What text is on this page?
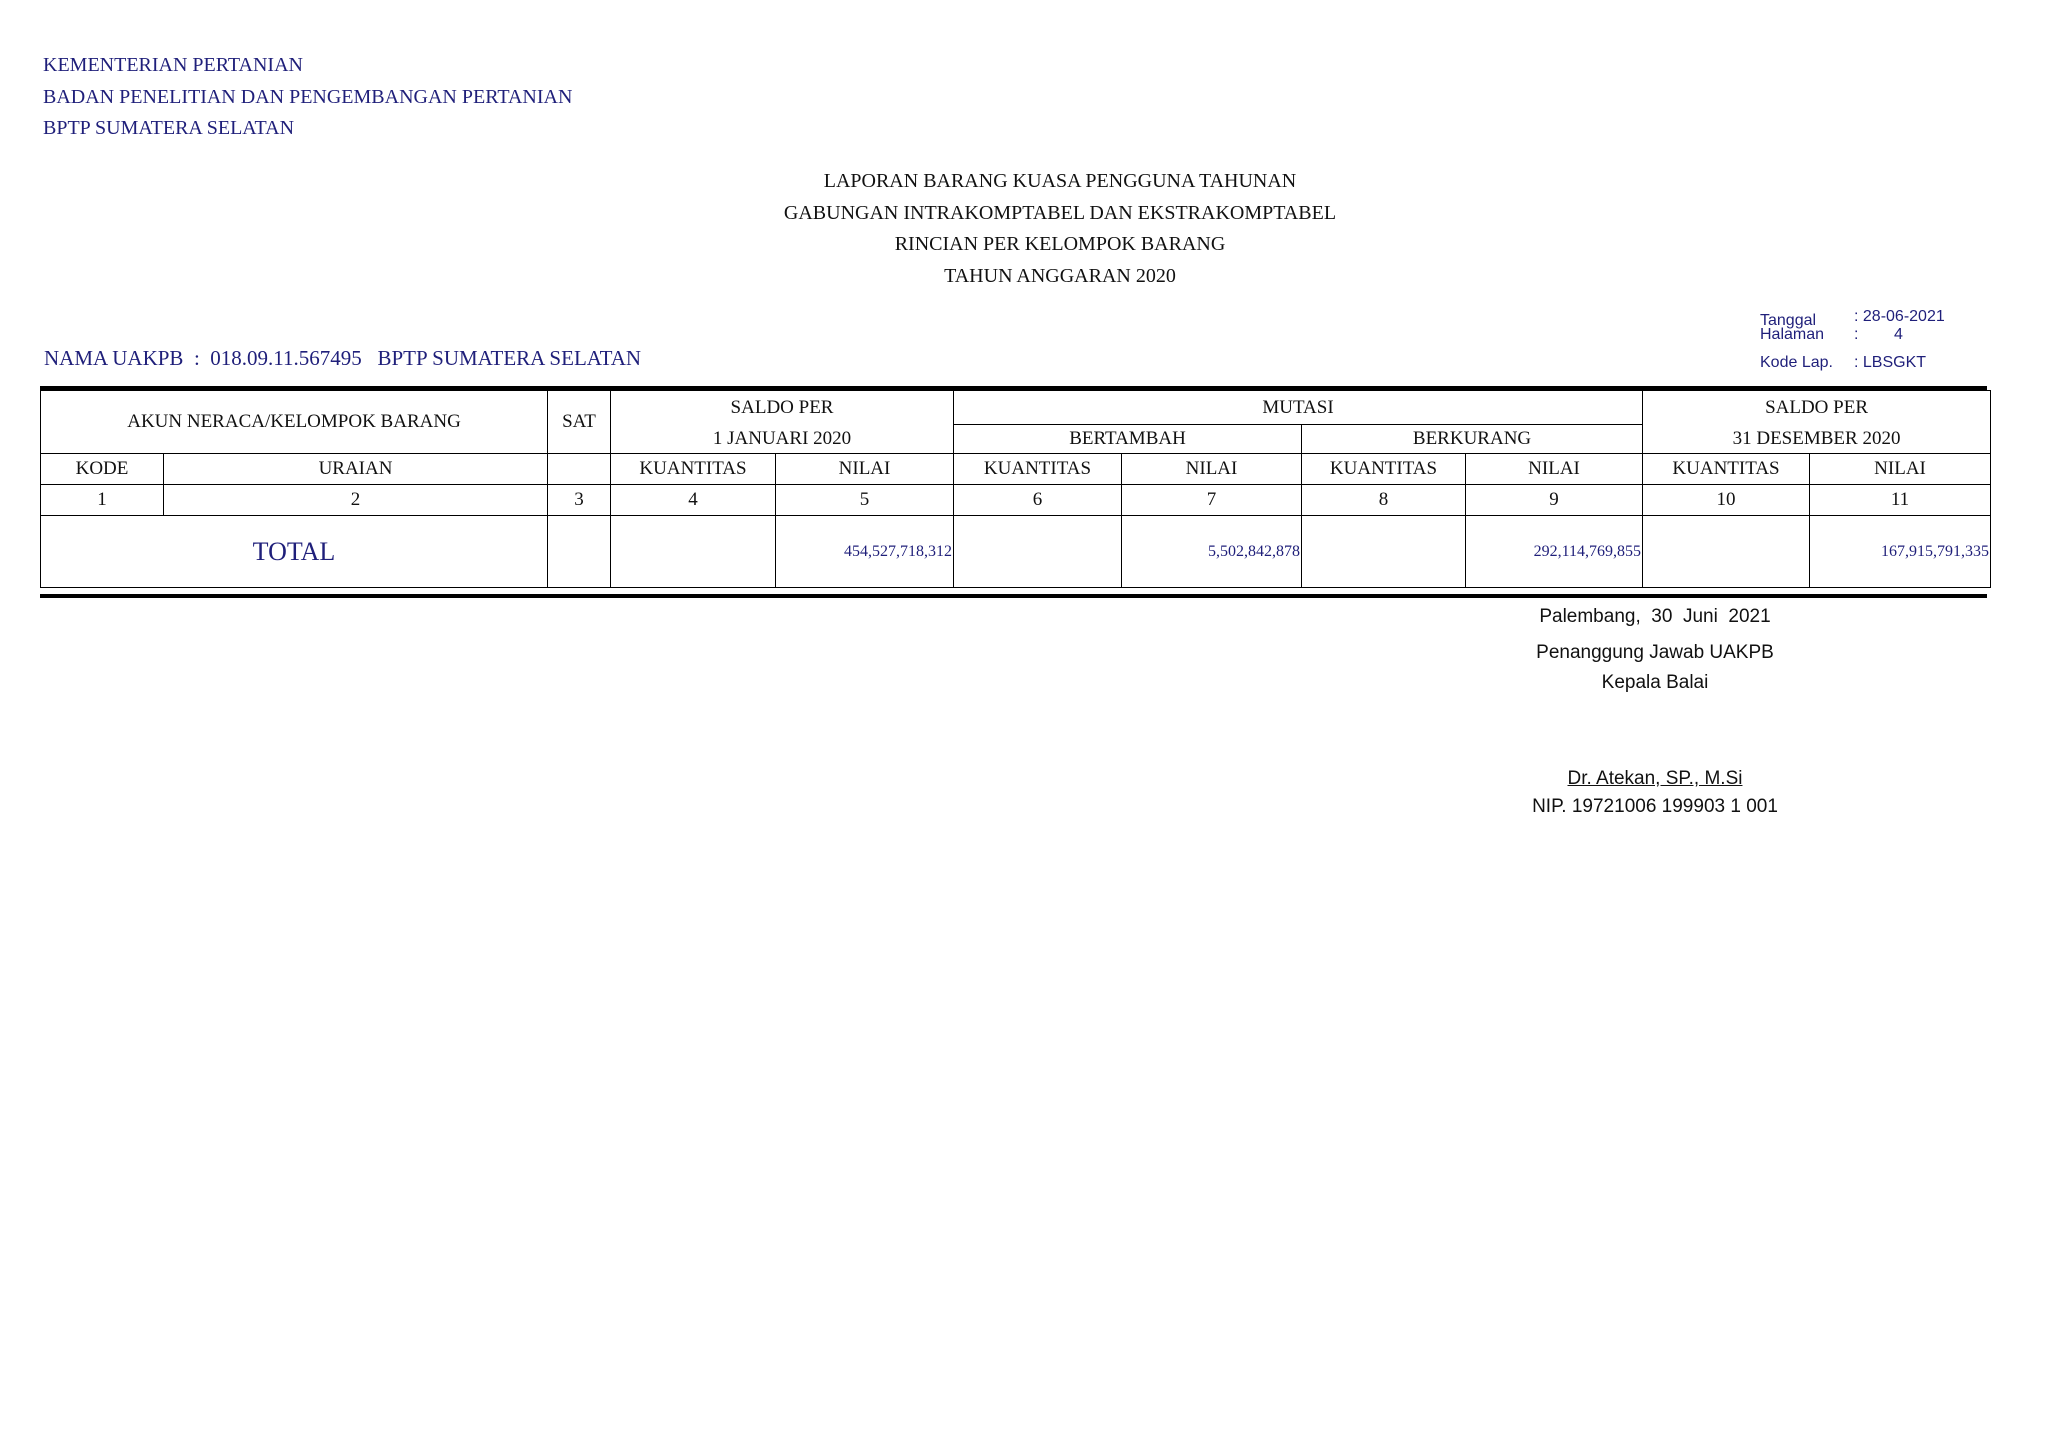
KEMENTERIAN PERTANIAN
BADAN PENELITIAN DAN PENGEMBANGAN PERTANIAN
BPTP SUMATERA SELATAN
LAPORAN BARANG KUASA PENGGUNA TAHUNAN
GABUNGAN INTRAKOMPTABEL DAN EKSTRAKOMPTABEL
RINCIAN PER KELOMPOK BARANG
TAHUN ANGGARAN 2020
NAMA UAKPB  :  018.09.11.567495   BPTP SUMATERA SELATAN
Tanggal : 28-06-2021
Halaman :        4
Kode Lap. : LBSGKT
AKUN NERACA/KELOMPOK BARANG		SAT	SALDO PER		MUTASI				SALDO PER	
			1 JANUARI 2020		BERTAMBAH		BERKURANG		31 DESEMBER 2020	
KODE	URAIAN		KUANTITAS	NILAI	KUANTITAS	NILAI	KUANTITAS	NILAI	KUANTITAS	NILAI
1	2	3	4	5	6	7	8	9	10	11
TOTAL				454,527,718,312		5,502,842,878		292,114,769,855		167,915,791,335
Palembang,  30  Juni  2021
Penanggung Jawab UAKPB
Kepala Balai
Dr. Atekan, SP., M.Si
NIP. 19721006 199903 1 001
